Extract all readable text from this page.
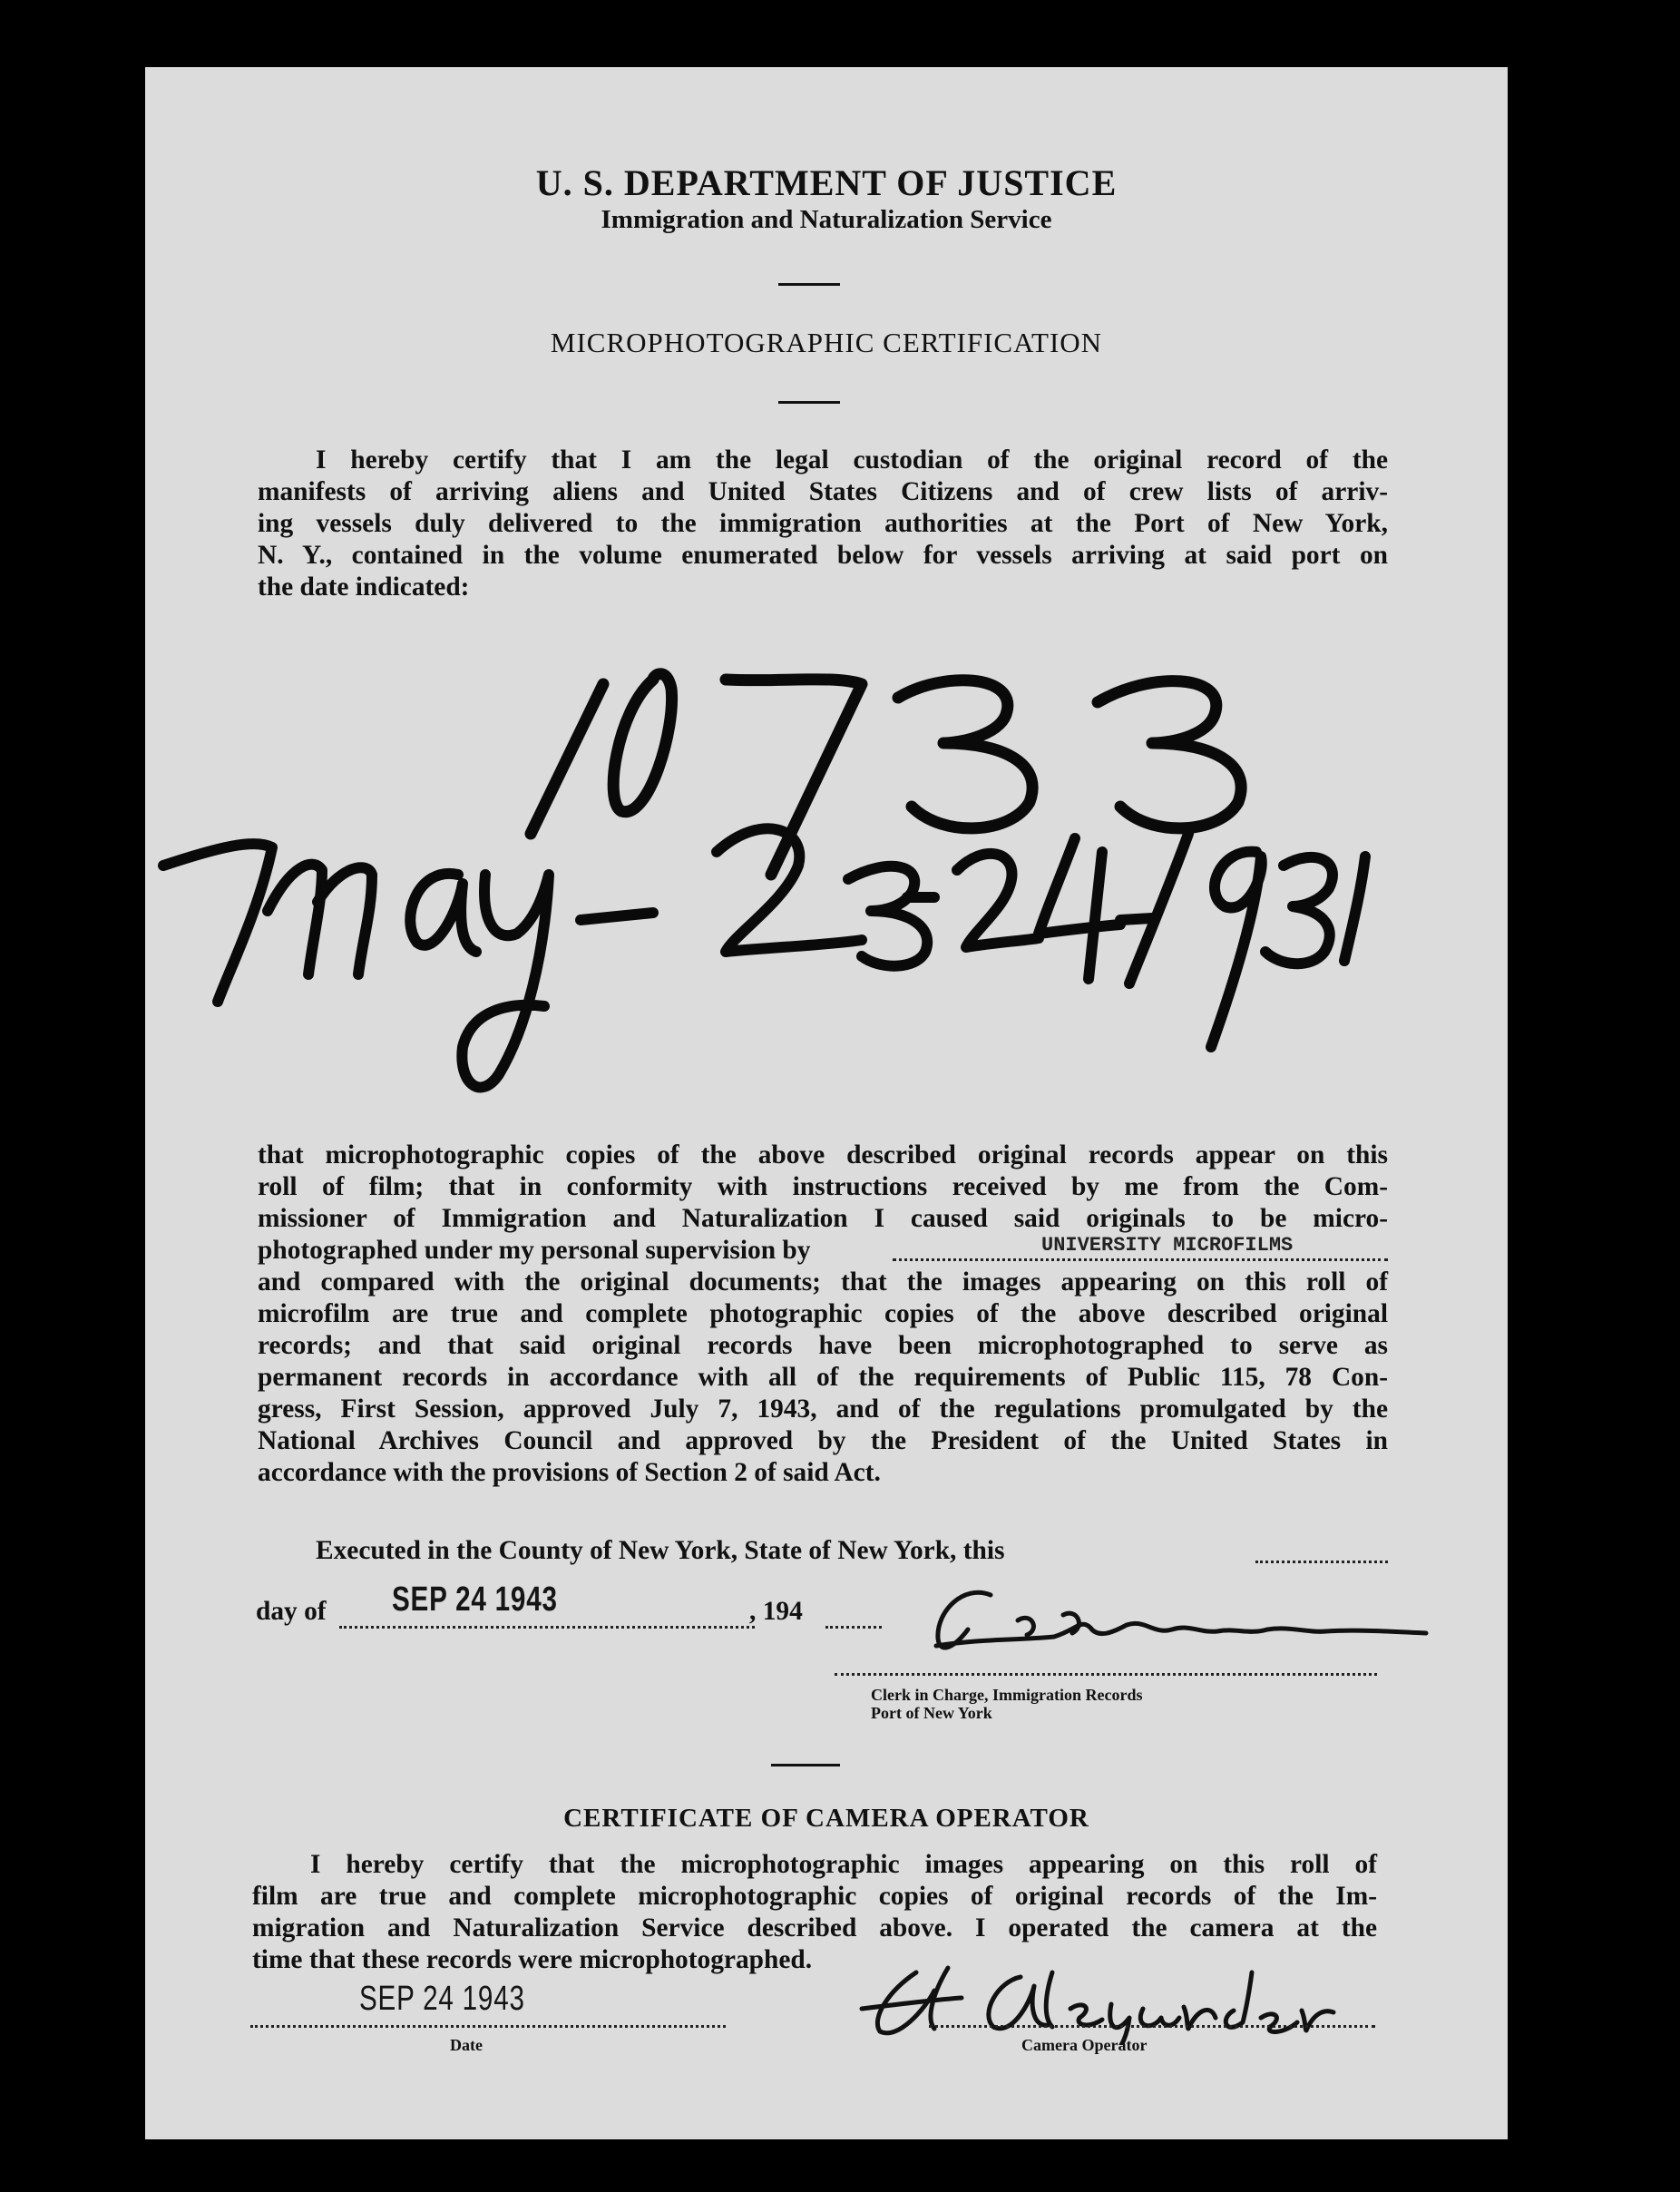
U. S. DEPARTMENT OF JUSTICE
Immigration and Naturalization Service
MICROPHOTOGRAPHIC CERTIFICATION
I hereby certify that I am the legal custodian of the original record of the
manifests of arriving aliens and United States Citizens and of crew lists of arriv-
ing vessels duly delivered to the immigration authorities at the Port of New York,
N. Y., contained in the volume enumerated below for vessels arriving at said port on
the date indicated:
that microphotographic copies of the above described original records appear on this
roll of film; that in conformity with instructions received by me from the Com-
missioner of Immigration and Naturalization I caused said originals to be micro-
photographed under my personal supervision by	UNIVERSITY MICROFILMS
and compared with the original documents; that the images appearing on this roll of
microfilm are true and complete photographic copies of the above described original
records; and that said original records have been microphotographed to serve as
permanent records in accordance with all of the requirements of Public 115, 78 Con-
gress, First Session, approved July 7, 1943, and of the regulations promulgated by the
National Archives Council and approved by the President of the United States in
accordance with the provisions of Section 2 of said Act.
Executed in the County of New York, State of New York, this
day of SEP 24 1943	, 194
Clerk in Charge, Immigration Records
Port of New York
CERTIFICATE OF CAMERA OPERATOR
I hereby certify that the microphotographic images appearing on this roll of
film are true and complete microphotographic copies of original records of the Im-
migration and Naturalization Service described above. I operated the camera at the
time that these records were microphotographed.
SEP 24 1943
Date	Camera Operator
